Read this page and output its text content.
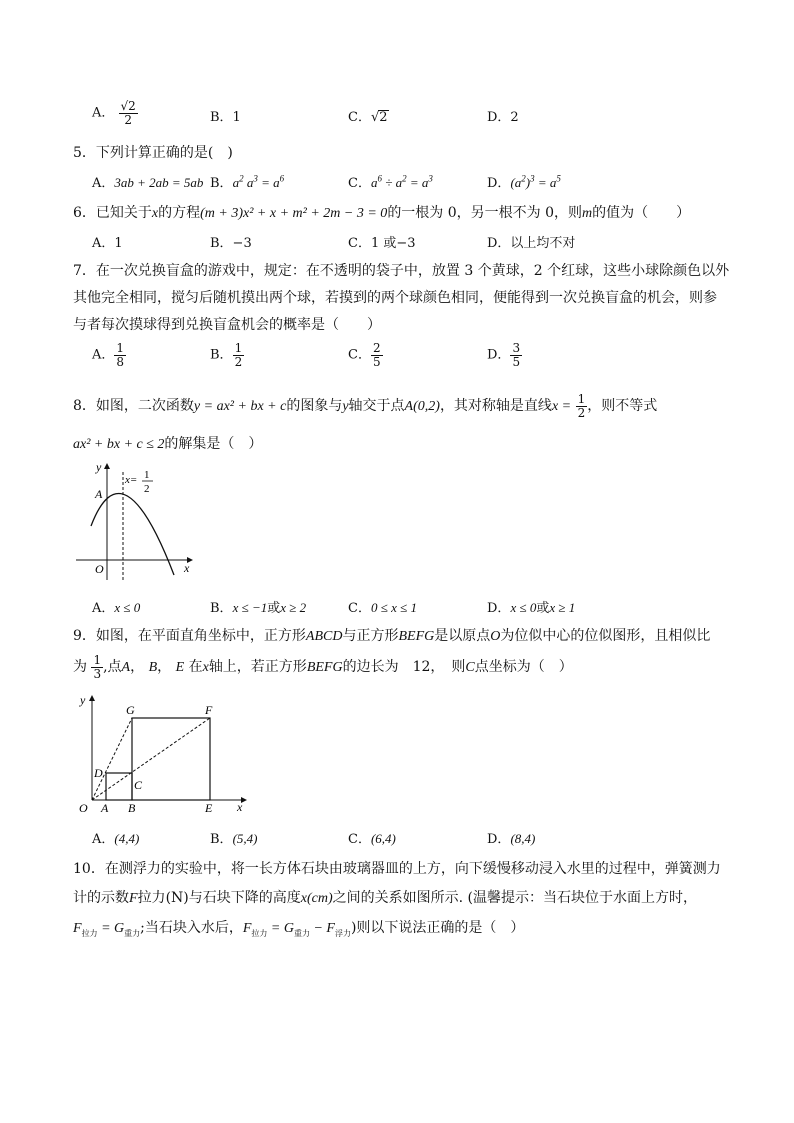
A． $\frac{√2}{2}$	B．1	C．√2	D．2
5．下列计算正确的是(　)
A．3ab + 2ab = 5ab B．$a^2$ $a^3 = a^6$	C．$a^6 \div a^2 = a^3$	D．$(a^2)^3 = a^5$
6．已知关于x的方程(m + 3)x² + x + m² + 2m − 3 = 0的一根为 0，另一根不为 0，则m的值为（　　）
A．1	B．−3	C．1 或−3	D．以上均不对
7．在一次兑换盲盒的游戏中，规定：在不透明的袋子中，放置 3 个黄球，2 个红球，这些小球除颜色以外
其他完全相同，搅匀后随机摸出两个球，若摸到的两个球颜色相同，便能得到一次兑换盲盒的机会，则参
与者每次摸球得到兑换盲盒机会的概率是（　　）
A． $\frac{1}{8}$	B． $\frac{1}{2}$	C． $\frac{2}{5}$	D． $\frac{3}{5}$
8．如图，二次函数y = ax² + bx + c的图象与y轴交于点A(0,2)，其对称轴是直线$x = \frac{1}{2}$ ，则不等式
ax² + bx + c ≤ 2的解集是（　）
y
x
A
O
x= 1
2
A．x ≤ 0	B．x ≤ −1或x ≥ 2	C．0 ≤ x ≤ 1	D．x ≤ 0或x ≥ 1
9．如图，在平面直角坐标中，正方形ABCD与正方形BEFG是以原点O为位似中心的位似图形，且相似比
为 $\frac{1}{3}$ ,点A， B， E 在x轴上，若正方形BEFG的边长为　12，　则C点坐标为（　）
y
x
G	F
D
C
O A B	E
A．(4,4)	B．(5,4)	C．(6,4)	D．(8,4)
10．在测浮力的实验中，将一长方体石块由玻璃器皿的上方，向下缓慢移动浸入水里的过程中，弹簧测力
计的示数F拉力(N)与石块下降的高度x(cm)之间的关系如图所示. (温馨提示：当石块位于水面上方时，
$F_{拉力} = G_{重力}$;当石块入水后，$F_{拉力} = G_{重力} - F_{浮力}$)则以下说法正确的是（　）
